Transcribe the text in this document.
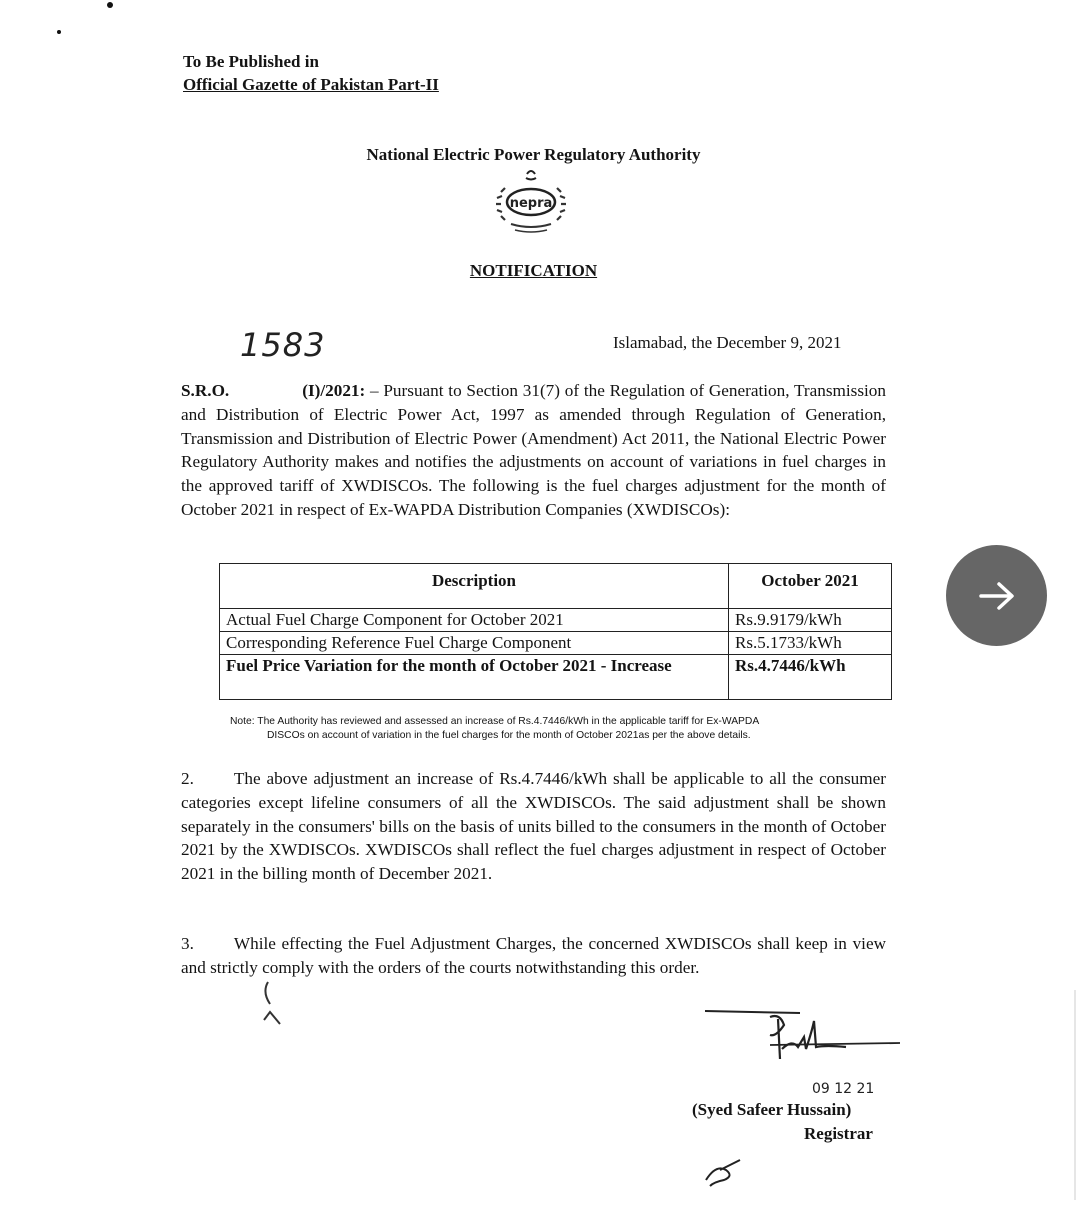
To Be Published in
Official Gazette of Pakistan Part-II
National Electric Power Regulatory Authority
nepra
NOTIFICATION
1583	Islamabad, the December 9, 2021
S.R.O.	(I)/2021: – Pursuant to Section 31(7) of the Regulation of Generation, Transmission and Distribution of Electric Power Act, 1997 as amended through Regulation of Generation, Transmission and Distribution of Electric Power (Amendment) Act 2011, the National Electric Power Regulatory Authority makes and notifies the adjustments on account of variations in fuel charges in the approved tariff of XWDISCOs. The following is the fuel charges adjustment for the month of October 2021 in respect of Ex-WAPDA Distribution Companies (XWDISCOs):
Description	October 2021
Actual Fuel Charge Component for October 2021	Rs.9.9179/kWh
Corresponding Reference Fuel Charge Component	Rs.5.1733/kWh
Fuel Price Variation for the month of October 2021 - Increase	Rs.4.7446/kWh
Note: The Authority has reviewed and assessed an increase of Rs.4.7446/kWh in the applicable tariff for Ex-WAPDA
DISCOs on account of variation in the fuel charges for the month of October 2021as per the above details.
2. The above adjustment an increase of Rs.4.7446/kWh shall be applicable to all the consumer categories except lifeline consumers of all the XWDISCOs. The said adjustment shall be shown separately in the consumers' bills on the basis of units billed to the consumers in the month of October 2021 by the XWDISCOs. XWDISCOs shall reflect the fuel charges adjustment in respect of October 2021 in the billing month of December 2021.
3. While effecting the Fuel Adjustment Charges, the concerned XWDISCOs shall keep in view and strictly comply with the orders of the courts notwithstanding this order.
09 12 21
(Syed Safeer Hussain)
Registrar
